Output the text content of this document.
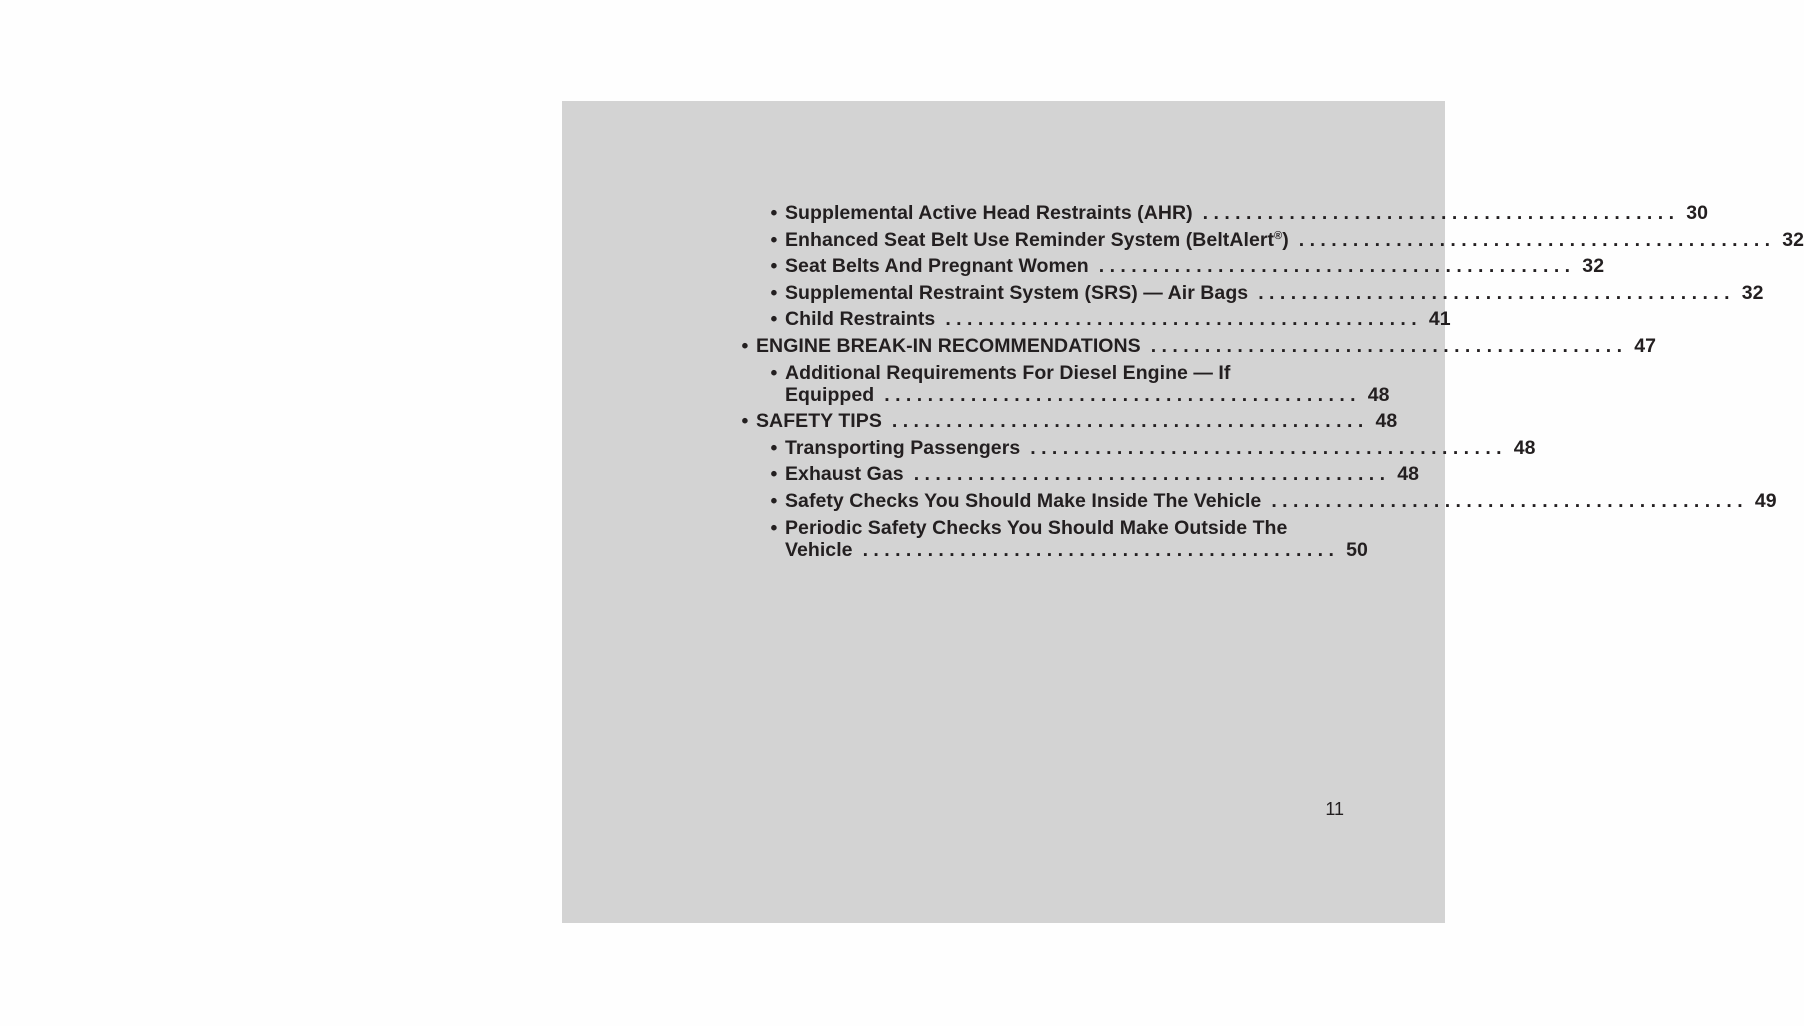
• Supplemental Active Head Restraints (AHR) . . . . . . . . . . . . . . . . . . . . . . . . . . . . . . . . . . . . . . . . . . . . 30
• Enhanced Seat Belt Use Reminder System (BeltAlert®) . . . . . . . . . . . . . . . . . . . . . . . . . . . . . . . . . . . . . . . . . . . . 32
• Seat Belts And Pregnant Women . . . . . . . . . . . . . . . . . . . . . . . . . . . . . . . . . . . . . . . . . . . . 32
• Supplemental Restraint System (SRS) — Air Bags . . . . . . . . . . . . . . . . . . . . . . . . . . . . . . . . . . . . . . . . . . . . 32
• Child Restraints . . . . . . . . . . . . . . . . . . . . . . . . . . . . . . . . . . . . . . . . . . . . 41
• ENGINE BREAK-IN RECOMMENDATIONS . . . . . . . . . . . . . . . . . . . . . . . . . . . . . . . . . . . . . . . . . . . . 47
• Additional Requirements For Diesel Engine — If
Equipped . . . . . . . . . . . . . . . . . . . . . . . . . . . . . . . . . . . . . . . . . . . . 48
• SAFETY TIPS . . . . . . . . . . . . . . . . . . . . . . . . . . . . . . . . . . . . . . . . . . . . 48
• Transporting Passengers . . . . . . . . . . . . . . . . . . . . . . . . . . . . . . . . . . . . . . . . . . . . 48
• Exhaust Gas . . . . . . . . . . . . . . . . . . . . . . . . . . . . . . . . . . . . . . . . . . . . 48
• Safety Checks You Should Make Inside The Vehicle . . . . . . . . . . . . . . . . . . . . . . . . . . . . . . . . . . . . . . . . . . . . 49
• Periodic Safety Checks You Should Make Outside The
Vehicle . . . . . . . . . . . . . . . . . . . . . . . . . . . . . . . . . . . . . . . . . . . . 50
11
